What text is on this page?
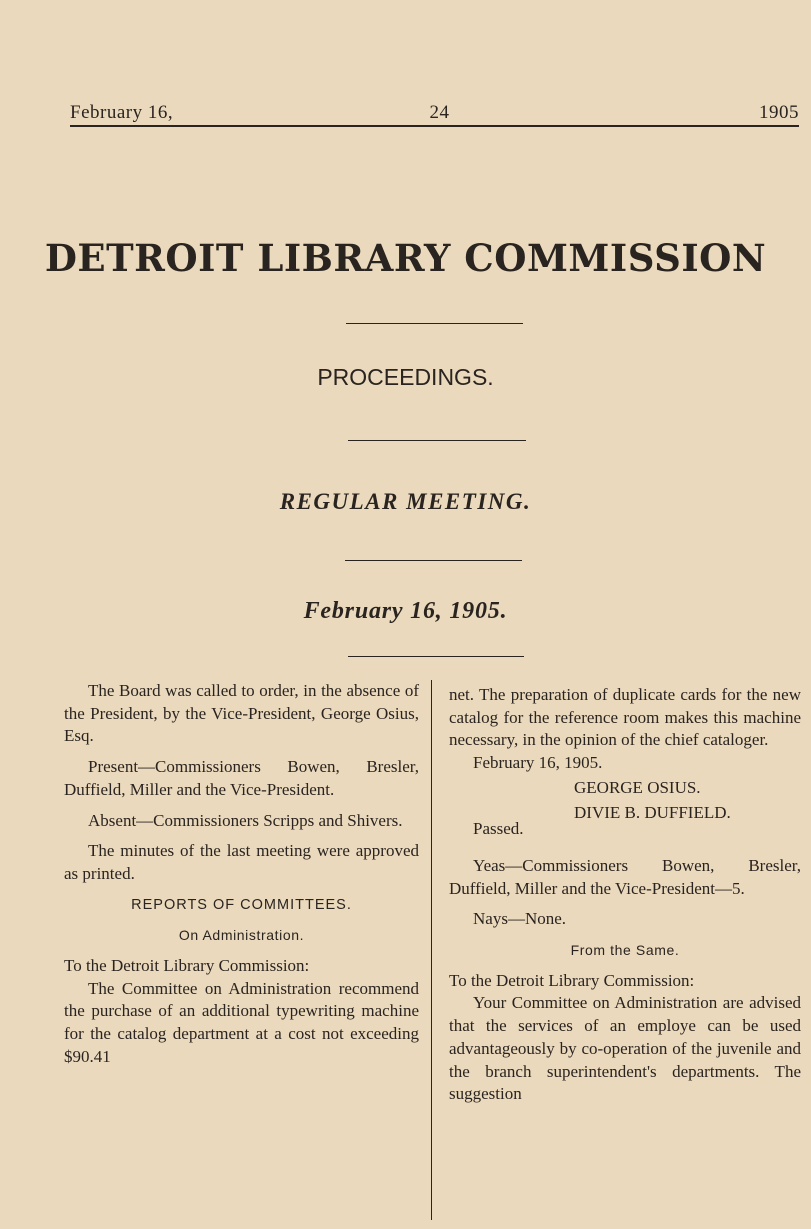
February 16,	24	1905
DETROIT LIBRARY COMMISSION
PROCEEDINGS.
REGULAR MEETING.
February 16, 1905.

The Board was called to order, in the absence of the President, by the Vice-President, George Osius, Esq.

Present—Commissioners Bowen, Bresler, Duffield, Miller and the Vice-President.

Absent—Commissioners Scripps and Shivers.

The minutes of the last meeting were approved as printed.

REPORTS OF COMMITTEES.
On Administration.

To the Detroit Library Commission:

The Committee on Administration recommend the purchase of an additional typewriting machine for the catalog department at a cost not exceeding $90.41

net. The preparation of duplicate cards for the new catalog for the reference room makes this machine necessary, in the opinion of the chief cataloger.

February 16, 1905.

GEORGE OSIUS.

DIVIE B. DUFFIELD.

Passed.

Yeas—Commissioners Bowen, Bresler, Duffield, Miller and the Vice-President—5.

Nays—None.

From the Same.

To the Detroit Library Commission:

Your Committee on Administration are advised that the services of an employe can be used advantageously by co-operation of the juvenile and the branch superintendent's departments. The suggestion
